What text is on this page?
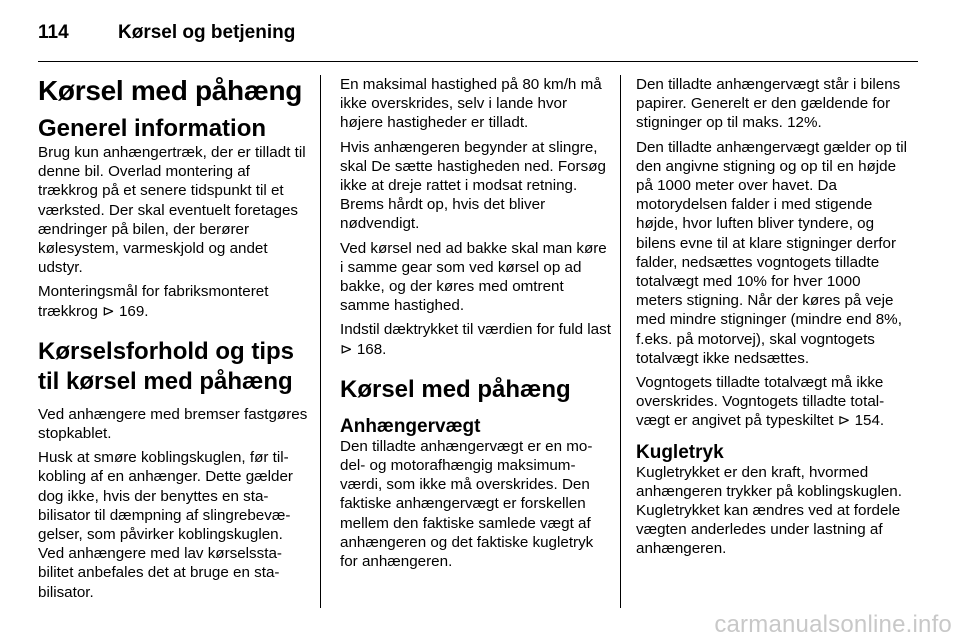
114	Kørsel og betjening
Kørsel med påhæng
Generel information

Brug kun anhængertræk, der er tilladt til denne bil. Overlad montering af trækkrog på et senere tidspunkt til et værksted. Der skal eventuelt foretages ændringer på bilen, der berører kølesystem, varmeskjold og andet udstyr.

Monteringsmål for fabriksmonteret trækkrog ⊳ 169.

Kørselsforhold og tips til kørsel med påhæng

Ved anhængere med bremser fastgøres stopkablet.

Husk at smøre koblingskuglen, før tilkobling af en anhænger. Dette gælder dog ikke, hvis der benyttes en stabilisator til dæmpning af slingrebevægelser, som påvirker koblingskuglen. Ved anhængere med lav kørselsstabilitet anbefales det at bruge en stabilisator.

En maksimal hastighed på 80 km/h må ikke overskrides, selv i lande hvor højere hastigheder er tilladt.

Hvis anhængeren begynder at slingre, skal De sætte hastigheden ned. Forsøg ikke at dreje rattet i modsat retning. Brems hårdt op, hvis det bliver nødvendigt.

Ved kørsel ned ad bakke skal man køre i samme gear som ved kørsel op ad bakke, og der køres med omtrent samme hastighed.

Indstil dæktrykket til værdien for fuld last ⊳ 168.

Kørsel med påhæng
Anhængervægt

Den tilladte anhængervægt er en model- og motorafhængig maksimumværdi, som ikke må overskrides. Den faktiske anhængervægt er forskellen mellem den faktiske samlede vægt af anhængeren og det faktiske kugletryk for anhængeren.

Den tilladte anhængervægt står i bilens papirer. Generelt er den gældende for stigninger op til maks. 12%.

Den tilladte anhængervægt gælder op til den angivne stigning og op til en højde på 1000 meter over havet. Da motorydelsen falder i med stigende højde, hvor luften bliver tyndere, og bilens evne til at klare stigninger derfor falder, nedsættes vogntogets tilladte totalvægt med 10% for hver 1000 meters stigning. Når der køres på veje med mindre stigninger (mindre end 8%, f.eks. på motorvej), skal vogntogets totalvægt ikke nedsættes.

Vogntogets tilladte totalvægt må ikke overskrides. Vogntogets tilladte totalvægt er angivet på typeskiltet ⊳ 154.

Kugletryk

Kugletrykket er den kraft, hvormed anhængeren trykker på koblingskuglen. Kugletrykket kan ændres ved at fordele vægten anderledes under lastning af anhængeren.

carmanualsonline.info
